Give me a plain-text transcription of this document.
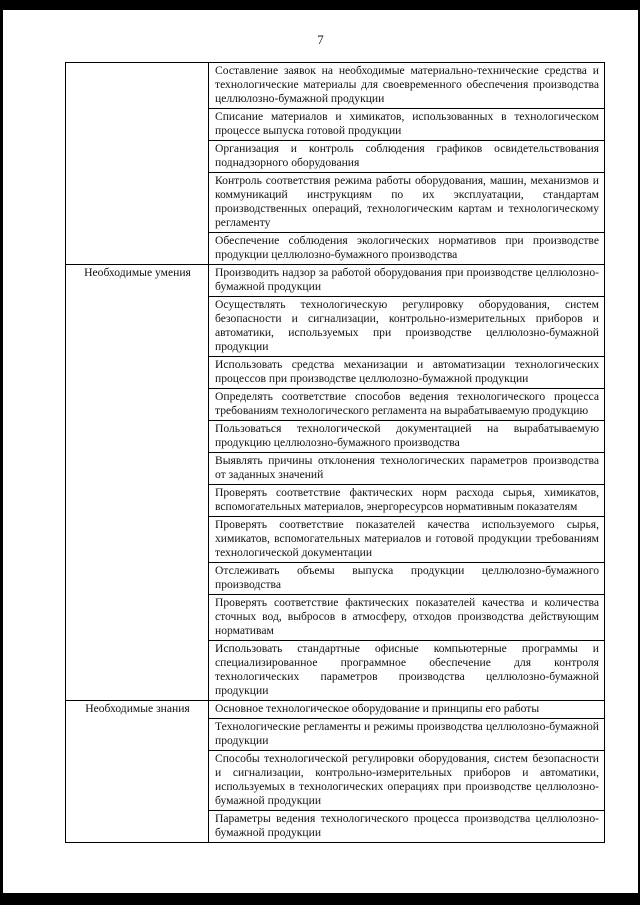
7
	Составление заявок на необходимые материально-технические средства и технологические материалы для своевременного обеспечения производства целлюлозно-бумажной продукции
	Списание материалов и химикатов, использованных в технологическом процессе выпуска готовой продукции
	Организация и контроль соблюдения графиков освидетельствования поднадзорного оборудования
	Контроль соответствия режима работы оборудования, машин, механизмов и коммуникаций инструкциям по их эксплуатации, стандартам производственных операций, технологическим картам и технологическому регламенту
	Обеспечение соблюдения экологических нормативов при производстве продукции целлюлозно-бумажного производства
Необходимые умения	Производить надзор за работой оборудования при производстве целлюлозно-бумажной продукции
	Осуществлять технологическую регулировку оборудования, систем безопасности и сигнализации, контрольно-измерительных приборов и автоматики, используемых при производстве целлюлозно-бумажной продукции
	Использовать средства механизации и автоматизации технологических процессов при производстве целлюлозно-бумажной продукции
	Определять соответствие способов ведения технологического процесса требованиям технологического регламента на вырабатываемую продукцию
	Пользоваться технологической документацией на вырабатываемую продукцию целлюлозно-бумажного производства
	Выявлять причины отклонения технологических параметров производства от заданных значений
	Проверять соответствие фактических норм расхода сырья, химикатов, вспомогательных материалов, энергоресурсов нормативным показателям
	Проверять соответствие показателей качества используемого сырья, химикатов, вспомогательных материалов и готовой продукции требованиям технологической документации
	Отслеживать объемы выпуска продукции целлюлозно-бумажного производства
	Проверять соответствие фактических показателей качества и количества сточных вод, выбросов в атмосферу, отходов производства действующим нормативам
	Использовать стандартные офисные компьютерные программы и специализированное программное обеспечение для контроля технологических параметров производства целлюлозно-бумажной продукции
Необходимые знания	Основное технологическое оборудование и принципы его работы
	Технологические регламенты и режимы производства целлюлозно-бумажной продукции
	Способы технологической регулировки оборудования, систем безопасности и сигнализации, контрольно-измерительных приборов и автоматики, используемых в технологических операциях при производстве целлюлозно-бумажной продукции
	Параметры ведения технологического процесса производства целлюлозно-бумажной продукции
